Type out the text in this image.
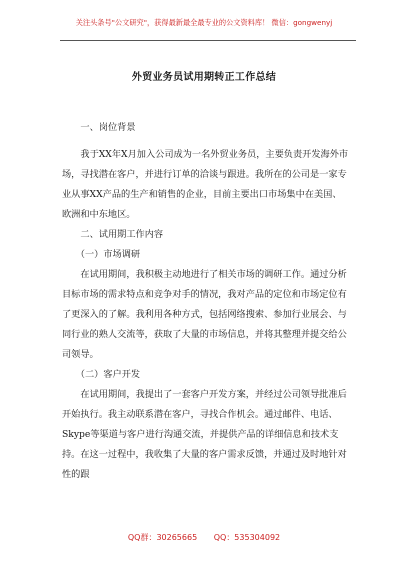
关注头条号"公文研究"，获得最新最全最专业的公文资料库！ 微信：gongwenyj
外贸业务员试用期转正工作总结

一、岗位背景

我于XX年X月加入公司成为一名外贸业务员，主要负责开发海外市场，寻找潜在客户，并进行订单的洽谈与跟进。我所在的公司是一家专业从事XX产品的生产和销售的企业，目前主要出口市场集中在美国、欧洲和中东地区。

二、试用期工作内容

（一）市场调研

在试用期间，我积极主动地进行了相关市场的调研工作。通过分析目标市场的需求特点和竞争对手的情况，我对产品的定位和市场定位有了更深入的了解。我利用各种方式，包括网络搜索、参加行业展会、与同行业的熟人交流等，获取了大量的市场信息，并将其整理并提交给公司领导。

（二）客户开发

在试用期间，我提出了一套客户开发方案，并经过公司领导批准后开始执行。我主动联系潜在客户，寻找合作机会。通过邮件、电话、Skype等渠道与客户进行沟通交流，并提供产品的详细信息和技术支持。在这一过程中，我收集了大量的客户需求反馈，并通过及时地针对性的跟

QQ群：30265665 QQ：535304092
